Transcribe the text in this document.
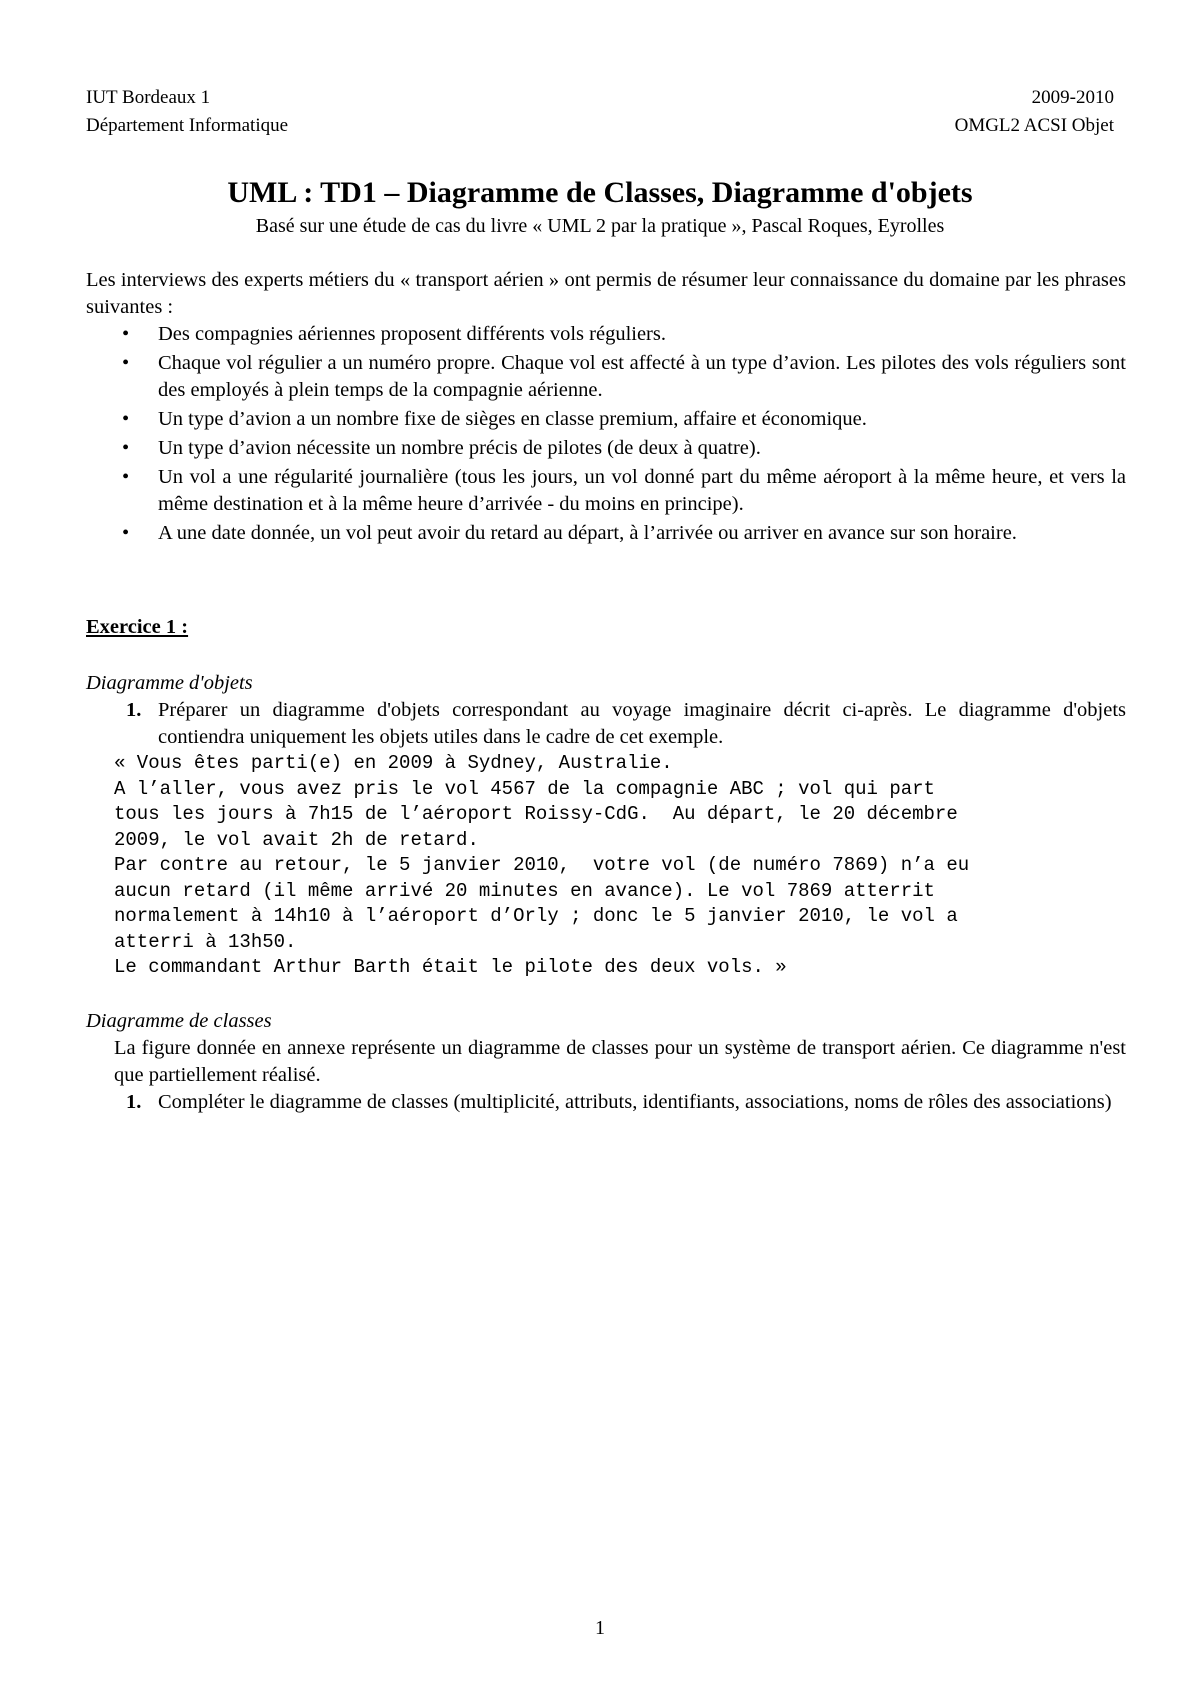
IUT Bordeaux 1
Département Informatique
2009-2010
OMGL2 ACSI Objet
UML : TD1 – Diagramme de Classes, Diagramme d'objets
Basé sur une étude de cas du livre « UML 2 par la pratique », Pascal Roques, Eyrolles
Les interviews des experts métiers du « transport aérien » ont permis de résumer leur connaissance du domaine par les phrases suivantes :
• Des compagnies aériennes proposent différents vols réguliers.
• Chaque vol régulier a un numéro propre. Chaque vol est affecté à un type d’avion. Les pilotes des vols réguliers sont des employés à plein temps de la compagnie aérienne.
• Un type d’avion a un nombre fixe de sièges en classe premium, affaire et économique.
• Un type d’avion nécessite un nombre précis de pilotes (de deux à quatre).
• Un vol a une régularité journalière (tous les jours, un vol donné part du même aéroport à la même heure, et vers la même destination et à la même heure d’arrivée - du moins en principe).
• A une date donnée, un vol peut avoir du retard au départ, à l’arrivée ou arriver en avance sur son horaire.
Exercice 1 :
Diagramme d'objets
1. Préparer un diagramme d'objets correspondant au voyage imaginaire décrit ci-après. Le diagramme d'objets contiendra uniquement les objets utiles dans le cadre de cet exemple.
« Vous êtes parti(e) en 2009 à Sydney, Australie.
A l’aller, vous avez pris le vol 4567 de la compagnie ABC ; vol qui part
tous les jours à 7h15 de l’aéroport Roissy-CdG.  Au départ, le 20 décembre
2009, le vol avait 2h de retard.
Par contre au retour, le 5 janvier 2010,  votre vol (de numéro 7869) n’a eu
aucun retard (il même arrivé 20 minutes en avance). Le vol 7869 atterrit
normalement à 14h10 à l’aéroport d’Orly ; donc le 5 janvier 2010, le vol a
atterri à 13h50.
Le commandant Arthur Barth était le pilote des deux vols. »
Diagramme de classes
La figure donnée en annexe représente un diagramme de classes pour un système de transport aérien. Ce diagramme n'est que partiellement réalisé.
1. Compléter le diagramme de classes (multiplicité, attributs, identifiants, associations, noms de rôles des associations)
1
